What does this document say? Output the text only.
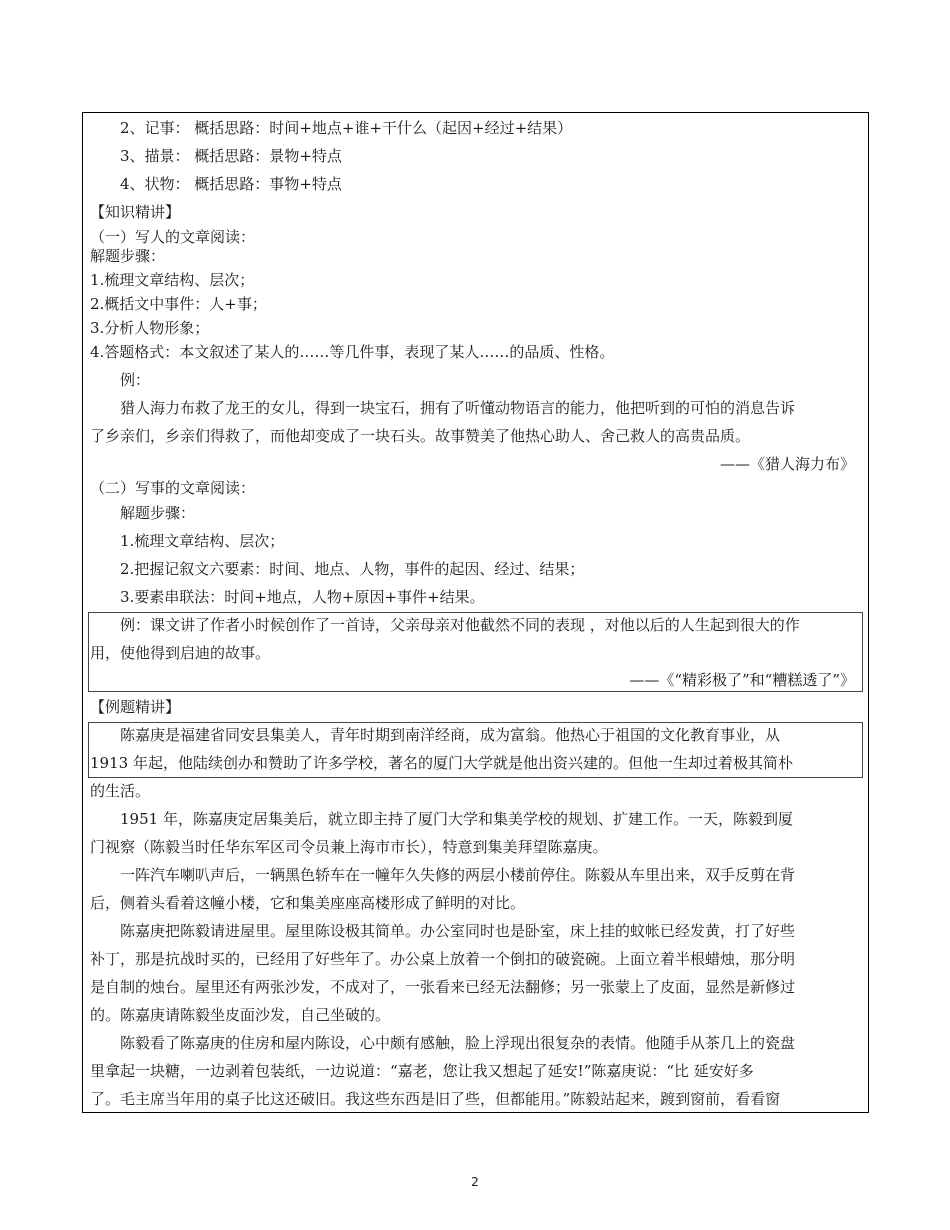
2、记事： 概括思路：时间+地点+谁+干什么（起因+经过+结果）
3、描景： 概括思路：景物+特点
4、状物： 概括思路：事物+特点
【知识精讲】
（一）写人的文章阅读：
解题步骤：
1.梳理文章结构、层次；
2.概括文中事件：人+事；
3.分析人物形象；
4.答题格式：本文叙述了某人的……等几件事，表现了某人……的品质、性格。
例：
猎人海力布救了龙王的女儿，得到一块宝石，拥有了听懂动物语言的能力，他把听到的可怕的消息告诉
了乡亲们，乡亲们得救了，而他却变成了一块石头。故事赞美了他热心助人、舍己救人的高贵品质。
——《猎人海力布》
（二）写事的文章阅读：
解题步骤：
1.梳理文章结构、层次；
2.把握记叙文六要素：时间、地点、人物，事件的起因、经过、结果；
3.要素串联法：时间+地点，人物+原因+事件+结果。
例：课文讲了作者小时候创作了一首诗，父亲母亲对他截然不同的表现 ，对他以后的人生起到很大的作
用，使他得到启迪的故事。
——《“精彩极了”和“糟糕透了”》
【例题精讲】
陈嘉庚是福建省同安县集美人，青年时期到南洋经商，成为富翁。他热心于祖国的文化教育事业，从
1913 年起，他陆续创办和赞助了许多学校，著名的厦门大学就是他出资兴建的。但他一生却过着极其简朴
的生活。
1951 年，陈嘉庚定居集美后，就立即主持了厦门大学和集美学校的规划、扩建工作。一天，陈毅到厦
门视察（陈毅当时任华东军区司令员兼上海市市长），特意到集美拜望陈嘉庚。
一阵汽车喇叭声后，一辆黑色轿车在一幢年久失修的两层小楼前停住。陈毅从车里出来，双手反剪在背
后，侧着头看着这幢小楼，它和集美座座高楼形成了鲜明的对比。
陈嘉庚把陈毅请进屋里。屋里陈设极其简单。办公室同时也是卧室，床上挂的蚊帐已经发黄，打了好些
补丁，那是抗战时买的，已经用了好些年了。办公桌上放着一个倒扣的破瓷碗。上面立着半根蜡烛，那分明
是自制的烛台。屋里还有两张沙发，不成对了，一张看来已经无法翻修；另一张蒙上了皮面，显然是新修过
的。陈嘉庚请陈毅坐皮面沙发，自己坐破的。
陈毅看了陈嘉庚的住房和屋内陈设，心中颇有感触，脸上浮现出很复杂的表情。他随手从茶几上的瓷盘
里拿起一块糖，一边剥着包装纸，一边说道：“嘉老，您让我又想起了延安!”陈嘉庚说：“比 延安好多
了。毛主席当年用的桌子比这还破旧。我这些东西是旧了些，但都能用。”陈毅站起来，踱到窗前，看看窗
2
